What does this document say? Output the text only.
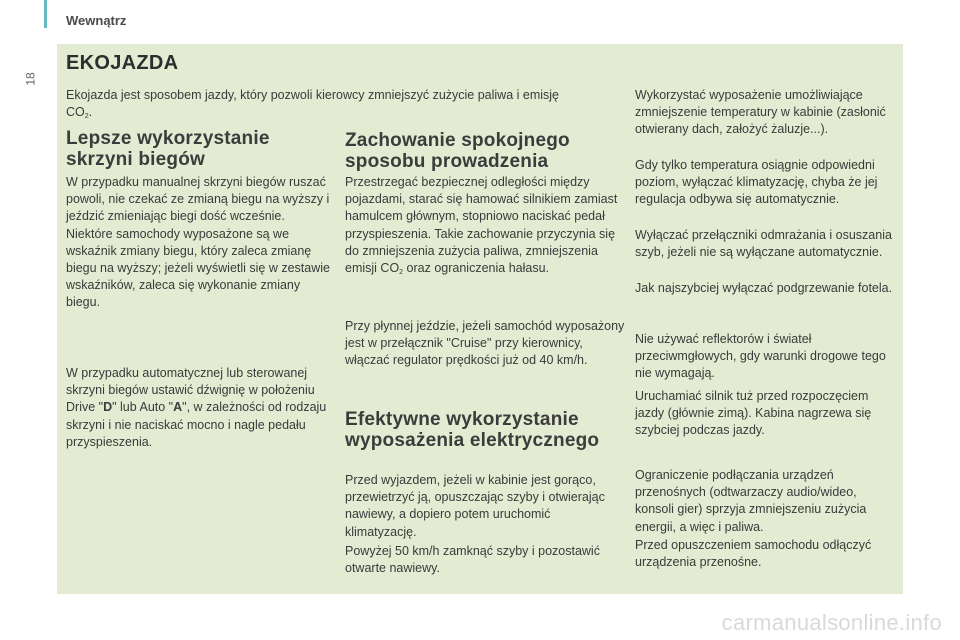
Wewnątrz
18
EKOJAZDA

Ekojazda jest sposobem jazdy, który pozwoli kierowcy zmniejszyć zużycie paliwa i emisję $CO_2$.

Lepsze wykorzystanie skrzyni biegów

W przypadku manualnej skrzyni biegów ruszać powoli, nie czekać ze zmianą biegu na wyższy i jeździć zmieniając biegi dość wcześnie. Niektóre samochody wyposażone są we wskaźnik zmiany biegu, który zaleca zmianę biegu na wyższy; jeżeli wyświetli się w zestawie wskaźników, zaleca się wykonanie zmiany biegu.

W przypadku automatycznej lub sterowanej skrzyni biegów ustawić dźwignię w położeniu Drive "D" lub Auto "A", w zależności od rodzaju skrzyni i nie naciskać mocno i nagle pedału przyspieszenia.

Zachowanie spokojnego sposobu prowadzenia

Przestrzegać bezpiecznej odległości między pojazdami, starać się hamować silnikiem zamiast hamulcem głównym, stopniowo naciskać pedał przyspieszenia. Takie zachowanie przyczynia się do zmniejszenia zużycia paliwa, zmniejszenia emisji $CO_2$ oraz ograniczenia hałasu.

Przy płynnej jeździe, jeżeli samochód wyposażony jest w przełącznik "Cruise" przy kierownicy, włączać regulator prędkości już od 40 km/h.

Efektywne wykorzystanie wyposażenia elektrycznego

Przed wyjazdem, jeżeli w kabinie jest gorąco, przewietrzyć ją, opuszczając szyby i otwierając nawiewy, a dopiero potem uruchomić klimatyzację.

Powyżej 50 km/h zamknąć szyby i pozostawić otwarte nawiewy.

Wykorzystać wyposażenie umożliwiające zmniejszenie temperatury w kabinie (zasłonić otwierany dach, założyć żaluzje...).

Gdy tylko temperatura osiągnie odpowiedni poziom, wyłączać klimatyzację, chyba że jej regulacja odbywa się automatycznie.

Wyłączać przełączniki odmrażania i osuszania szyb, jeżeli nie są wyłączane automatycznie.

Jak najszybciej wyłączać podgrzewanie fotela.

Nie używać reflektorów i świateł przeciwmgłowych, gdy warunki drogowe tego nie wymagają.

Uruchamiać silnik tuż przed rozpoczęciem jazdy (głównie zimą). Kabina nagrzewa się szybciej podczas jazdy.

Ograniczenie podłączania urządzeń przenośnych (odtwarzaczy audio/wideo, konsoli gier) sprzyja zmniejszeniu zużycia energii, a więc i paliwa.

Przed opuszczeniem samochodu odłączyć urządzenia przenośne.

carmanualsonline.info
